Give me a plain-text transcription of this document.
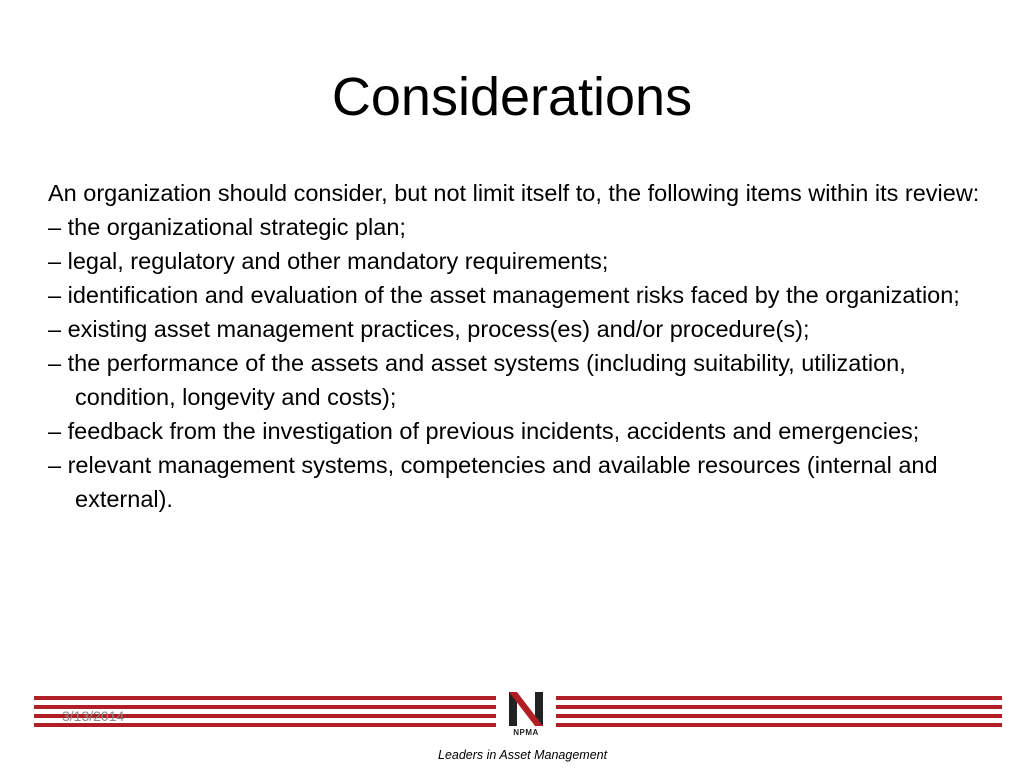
Considerations

An organization should consider, but not limit itself to, the following items within its review:

– the organizational strategic plan;
– legal, regulatory and other mandatory requirements;
– identification and evaluation of the asset management risks faced by the organization;
– existing asset management practices, process(es) and/or procedure(s);
– the performance of the assets and asset systems (including suitability, utilization, condition, longevity and costs);
– feedback from the investigation of previous incidents, accidents and emergencies;
– relevant management systems, competencies and available resources (internal and external).
3/13/2014
NPMA
Leaders in Asset Management
